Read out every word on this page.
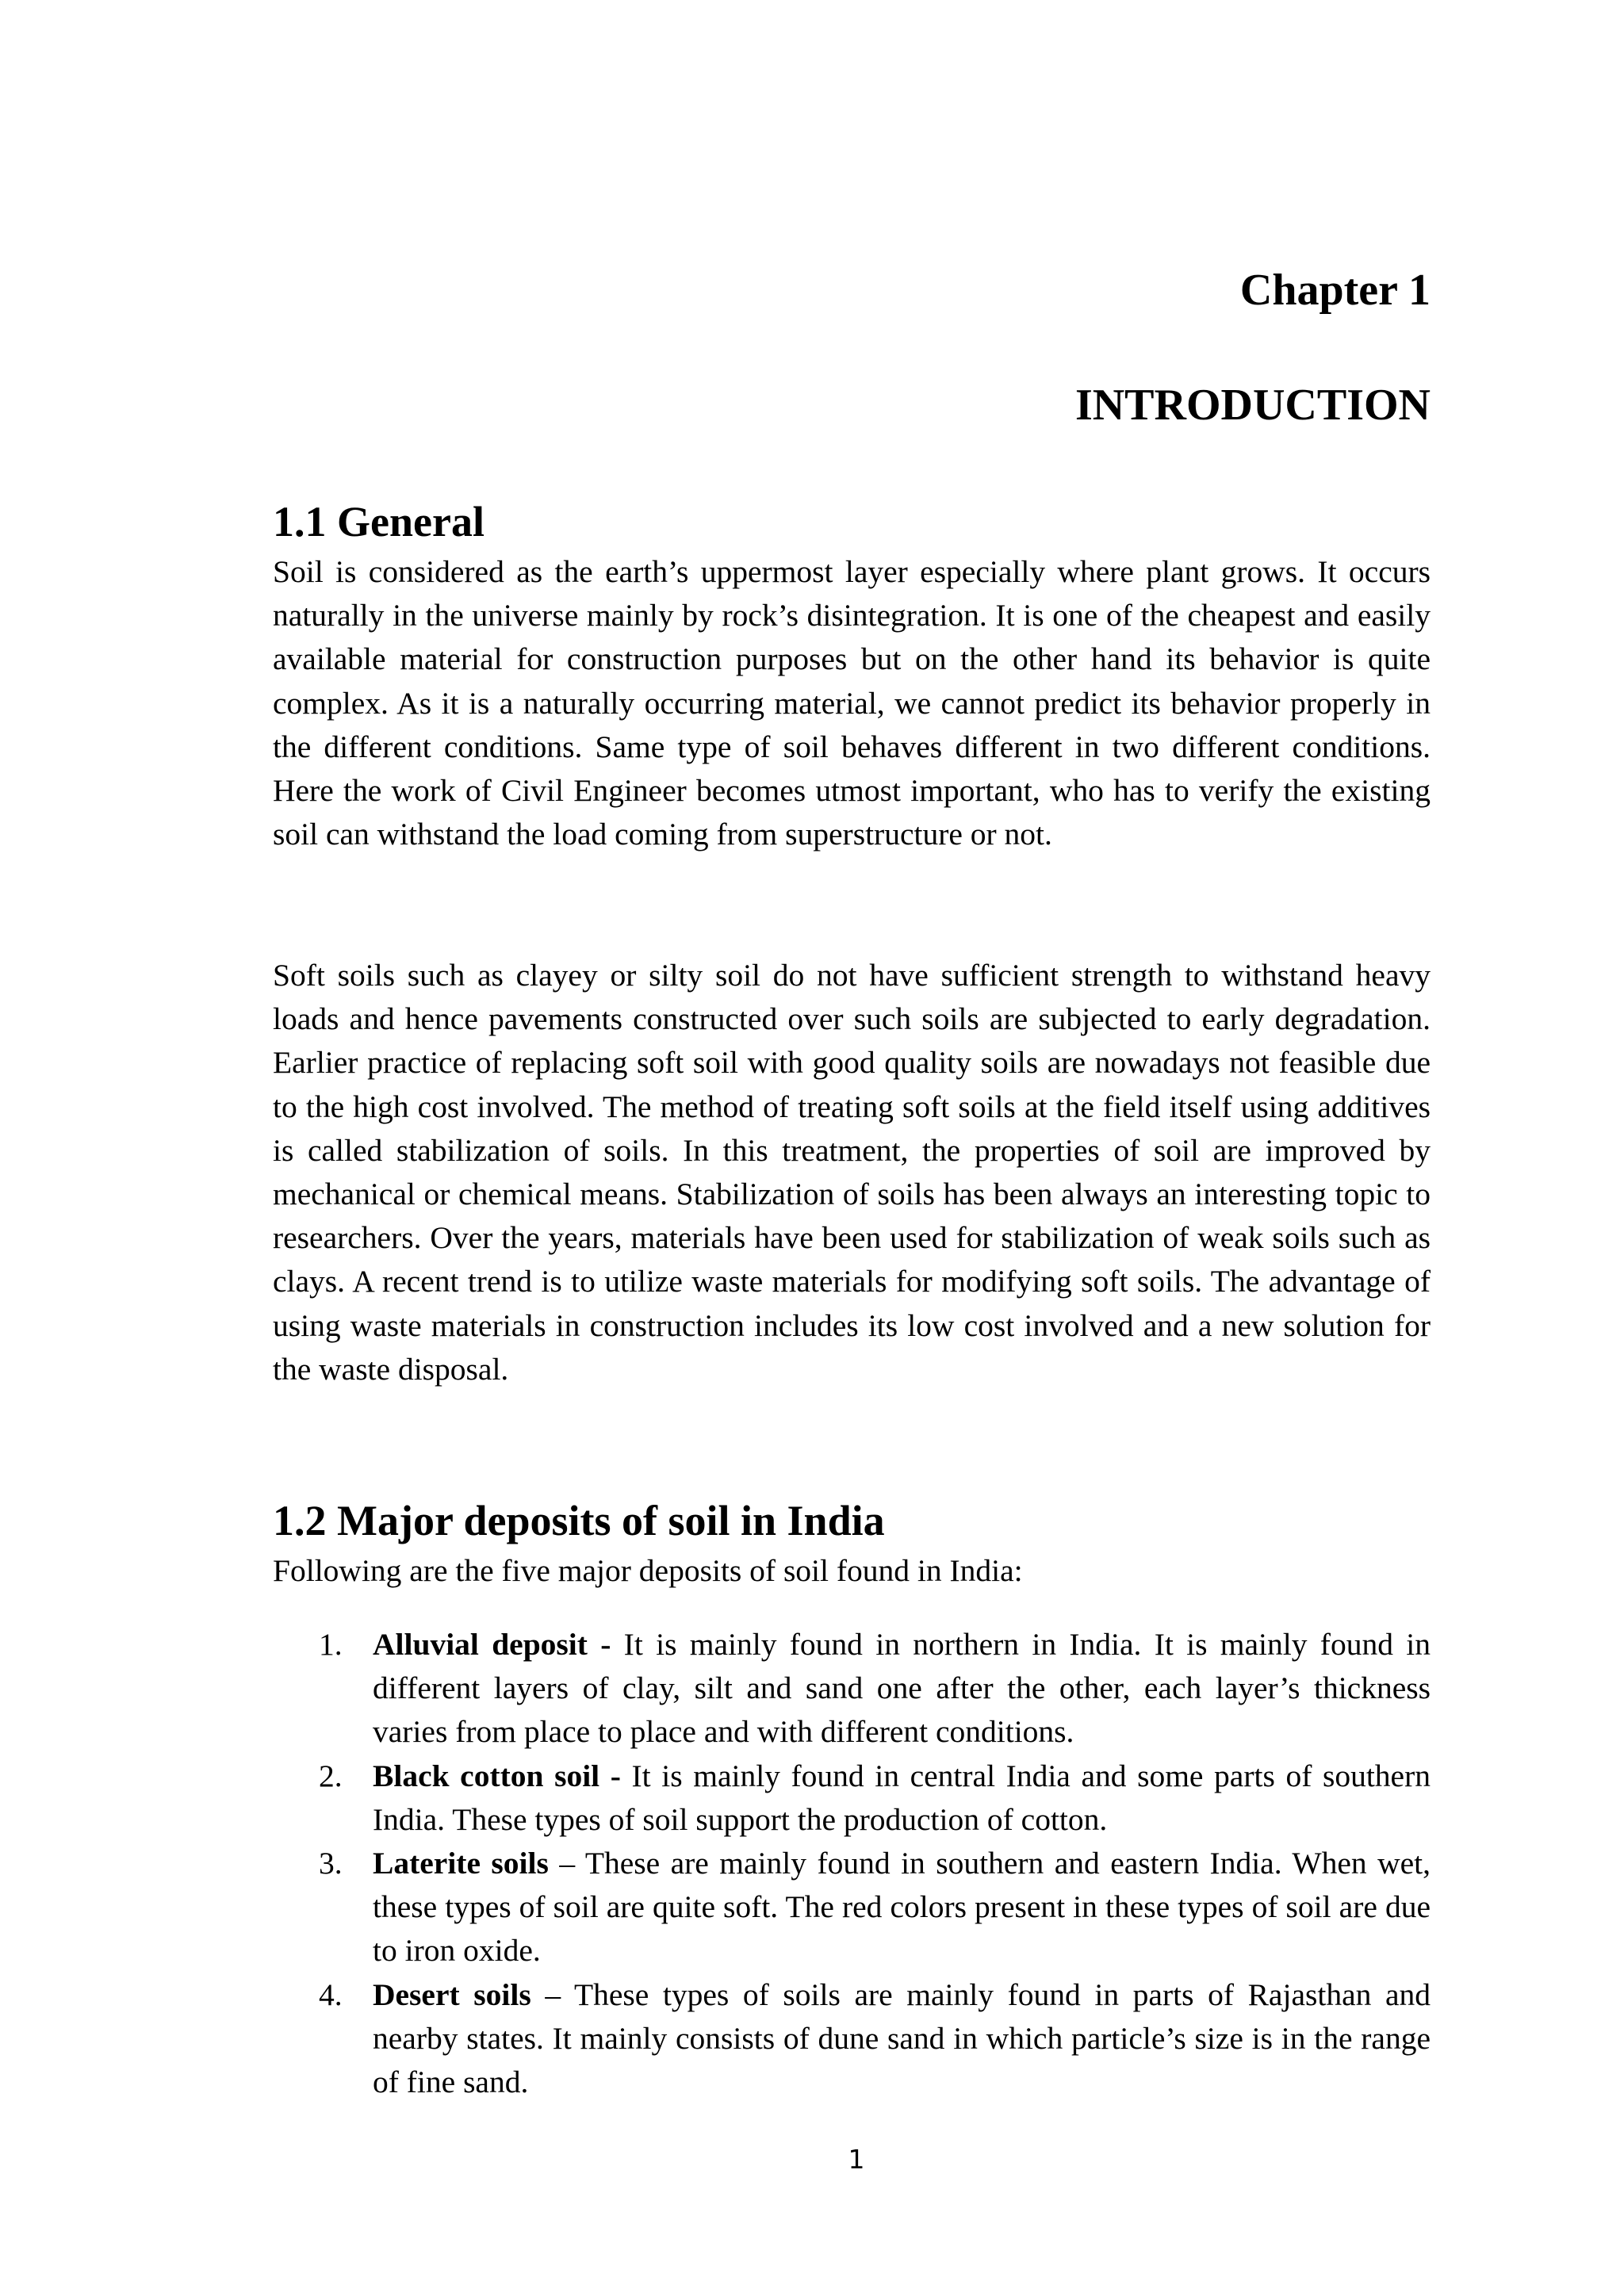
Chapter 1
INTRODUCTION
1.1 General

Soil is considered as the earth’s uppermost layer especially where plant grows. It occurs naturally in the universe mainly by rock’s disintegration. It is one of the cheapest and easily available material for construction purposes but on the other hand its behavior is quite complex. As it is a naturally occurring material, we cannot predict its behavior properly in the different conditions. Same type of soil behaves different in two different conditions. Here the work of Civil Engineer becomes utmost important, who has to verify the existing soil can withstand the load coming from superstructure or not.

Soft soils such as clayey or silty soil do not have sufficient strength to withstand heavy loads and hence pavements constructed over such soils are subjected to early degradation. Earlier practice of replacing soft soil with good quality soils are nowadays not feasible due to the high cost involved. The method of treating soft soils at the field itself using additives is called stabilization of soils. In this treatment, the properties of soil are improved by mechanical or chemical means. Stabilization of soils has been always an interesting topic to researchers. Over the years, materials have been used for stabilization of weak soils such as clays. A recent trend is to utilize waste materials for modifying soft soils. The advantage of using waste materials in construction includes its low cost involved and a new solution for the waste disposal.

1.2 Major deposits of soil in India

Following are the five major deposits of soil found in India:

1. Alluvial deposit - It is mainly found in northern in India. It is mainly found in different layers of clay, silt and sand one after the other, each layer’s thickness varies from place to place and with different conditions.
2. Black cotton soil - It is mainly found in central India and some parts of southern India. These types of soil support the production of cotton.
3. Laterite soils – These are mainly found in southern and eastern India. When wet, these types of soil are quite soft. The red colors present in these types of soil are due to iron oxide.
4. Desert soils – These types of soils are mainly found in parts of Rajasthan and nearby states. It mainly consists of dune sand in which particle’s size is in the range of fine sand.

1
